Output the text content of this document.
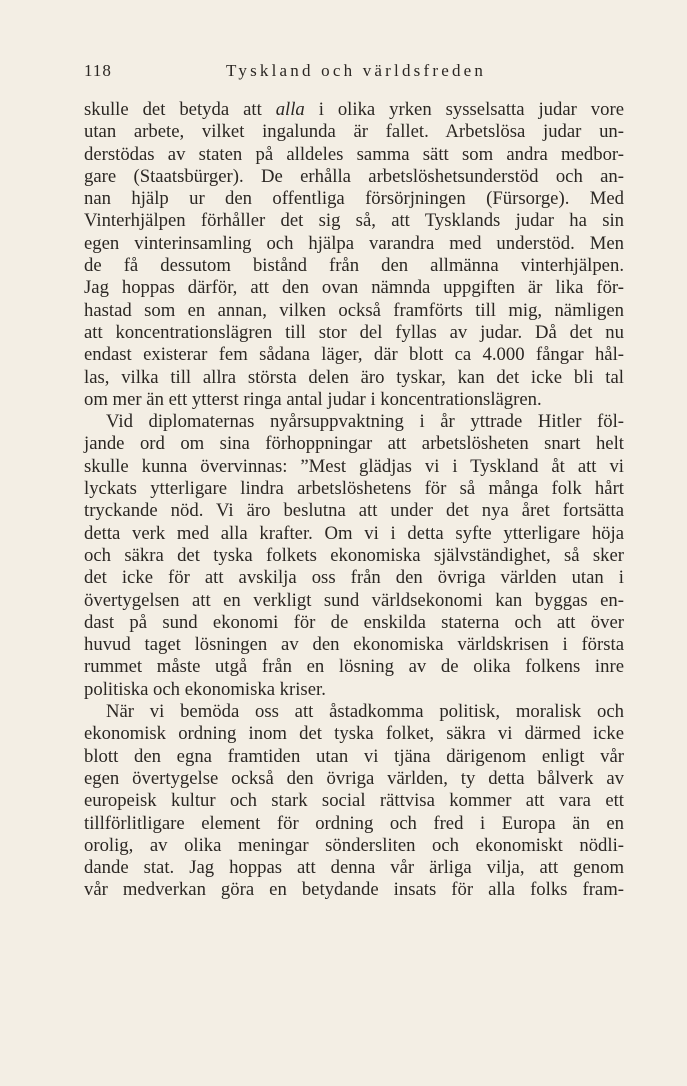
118	Tyskland och världsfreden
skulle det betyda att alla i olika yrken sysselsatta judar vore
utan arbete, vilket ingalunda är fallet. Arbetslösa judar un-
derstödas av staten på alldeles samma sätt som andra medbor-
gare (Staatsbürger). De erhålla arbetslöshetsunderstöd och an-
nan hjälp ur den offentliga försörjningen (Fürsorge). Med
Vinterhjälpen förhåller det sig så, att Tysklands judar ha sin
egen vinterinsamling och hjälpa varandra med understöd. Men
de få dessutom bistånd från den allmänna vinterhjälpen.
Jag hoppas därför, att den ovan nämnda uppgiften är lika för-
hastad som en annan, vilken också framförts till mig, nämligen
att koncentrationslägren till stor del fyllas av judar. Då det nu
endast existerar fem sådana läger, där blott ca 4.000 fångar hål-
las, vilka till allra största delen äro tyskar, kan det icke bli tal
om mer än ett ytterst ringa antal judar i koncentrationslägren.
Vid diplomaternas nyårsuppvaktning i år yttrade Hitler föl-
jande ord om sina förhoppningar att arbetslösheten snart helt
skulle kunna övervinnas: ”Mest glädjas vi i Tyskland åt att vi
lyckats ytterligare lindra arbetslöshetens för så många folk hårt
tryckande nöd. Vi äro beslutna att under det nya året fortsätta
detta verk med alla krafter. Om vi i detta syfte ytterligare höja
och säkra det tyska folkets ekonomiska självständighet, så sker
det icke för att avskilja oss från den övriga världen utan i
övertygelsen att en verkligt sund världsekonomi kan byggas en-
dast på sund ekonomi för de enskilda staterna och att över
huvud taget lösningen av den ekonomiska världskrisen i första
rummet måste utgå från en lösning av de olika folkens inre
politiska och ekonomiska kriser.
När vi bemöda oss att åstadkomma politisk, moralisk och
ekonomisk ordning inom det tyska folket, säkra vi därmed icke
blott den egna framtiden utan vi tjäna därigenom enligt vår
egen övertygelse också den övriga världen, ty detta bålverk av
europeisk kultur och stark social rättvisa kommer att vara ett
tillförlitligare element för ordning och fred i Europa än en
orolig, av olika meningar söndersliten och ekonomiskt nödli-
dande stat. Jag hoppas att denna vår ärliga vilja, att genom
vår medverkan göra en betydande insats för alla folks fram-
